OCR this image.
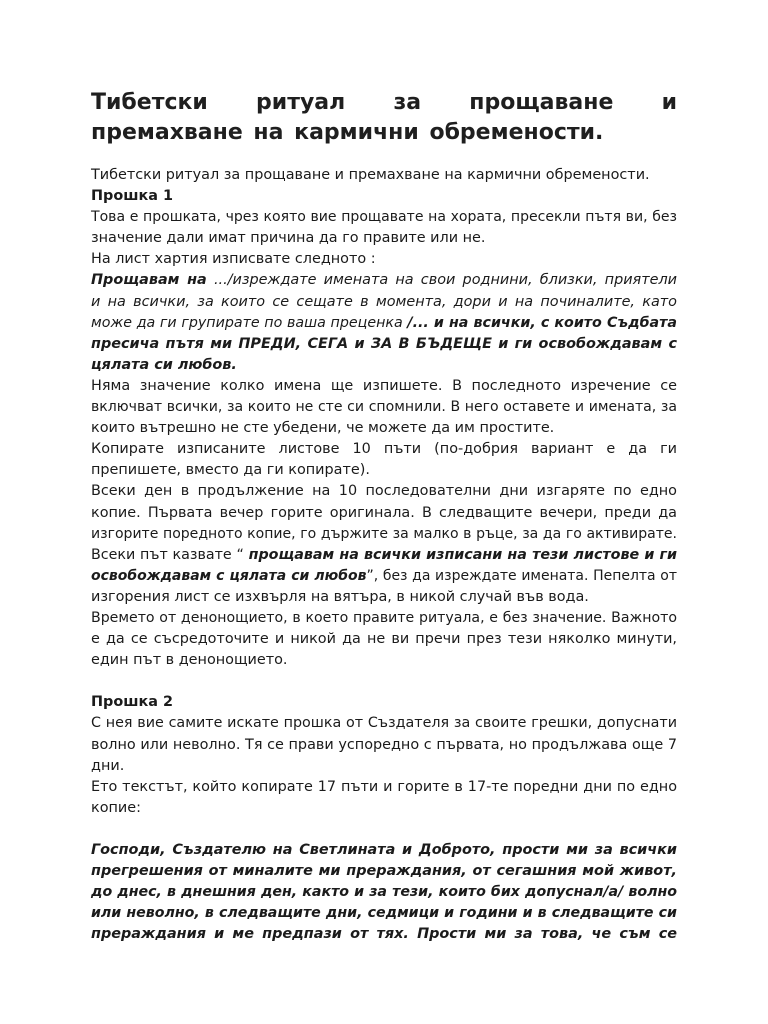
Тибетски ритуал за прощаване и премахване на кармични обремености.
Тибетски ритуал за прощаване и премахване на кармични обремености.
Прошка 1
Това е прошката, чрез която вие прощавате на хората, пресекли пътя ви, без
значение дали имат причина да го правите или не.
На лист хартия изписвате следното :
Прощавам на .../изреждате имената на свои роднини, близки, приятели
и на всички, за които се сещате в момента, дори и на починалите, като
може да ги групирате по ваша преценка /... и на всички, с които Съдбата
пресича пътя ми ПРЕДИ, СЕГА и ЗА В БЪДЕЩЕ и ги освобождавам с
цялата си любов.
Няма значение колко имена ще изпишете. В последното изречение се
включват всички, за които не сте си спомнили. В него оставете и имената, за
които вътрешно не сте убедени, че можете да им простите.
Копирате изписаните листове 10 пъти (по-добрия вариант е да ги
препишете, вместо да ги копирате).
Всеки ден в продължение на 10 последователни дни изгаряте по едно
копие. Първата вечер горите оригинала. В следващите вечери, преди да
изгорите поредното копие, го държите за малко в ръце, за да го активирате.
Всеки път казвате “ прощавам на всички изписани на тези листове и ги
освобождавам с цялата си любов”, без да изреждате имената. Пепелта от
изгорения лист се изхвърля на вятъра, в никой случай във вода.
Времето от денонощието, в което правите ритуала, е без значение. Важното
е да се съсредоточите и никой да не ви пречи през тези няколко минути,
един път в денонощието.
Прошка 2
С нея вие самите искате прошка от Създателя за своите грешки, допуснати
волно или неволно. Тя се прави успоредно с първата, но продължава още 7
дни.
Ето текстът, който копирате 17 пъти и горите в 17-те поредни дни по едно
копие:
Господи, Създателю на Светлината и Доброто, прости ми за всички
прегрешения от миналите ми прераждания, от сегашния мой живот,
до днес, в днешния ден, както и за тези, които бих допуснал/а/ волно
или неволно, в следващите дни, седмици и години и в следващите си
прераждания и ме предпази от тях. Прости ми за това, че съм се
